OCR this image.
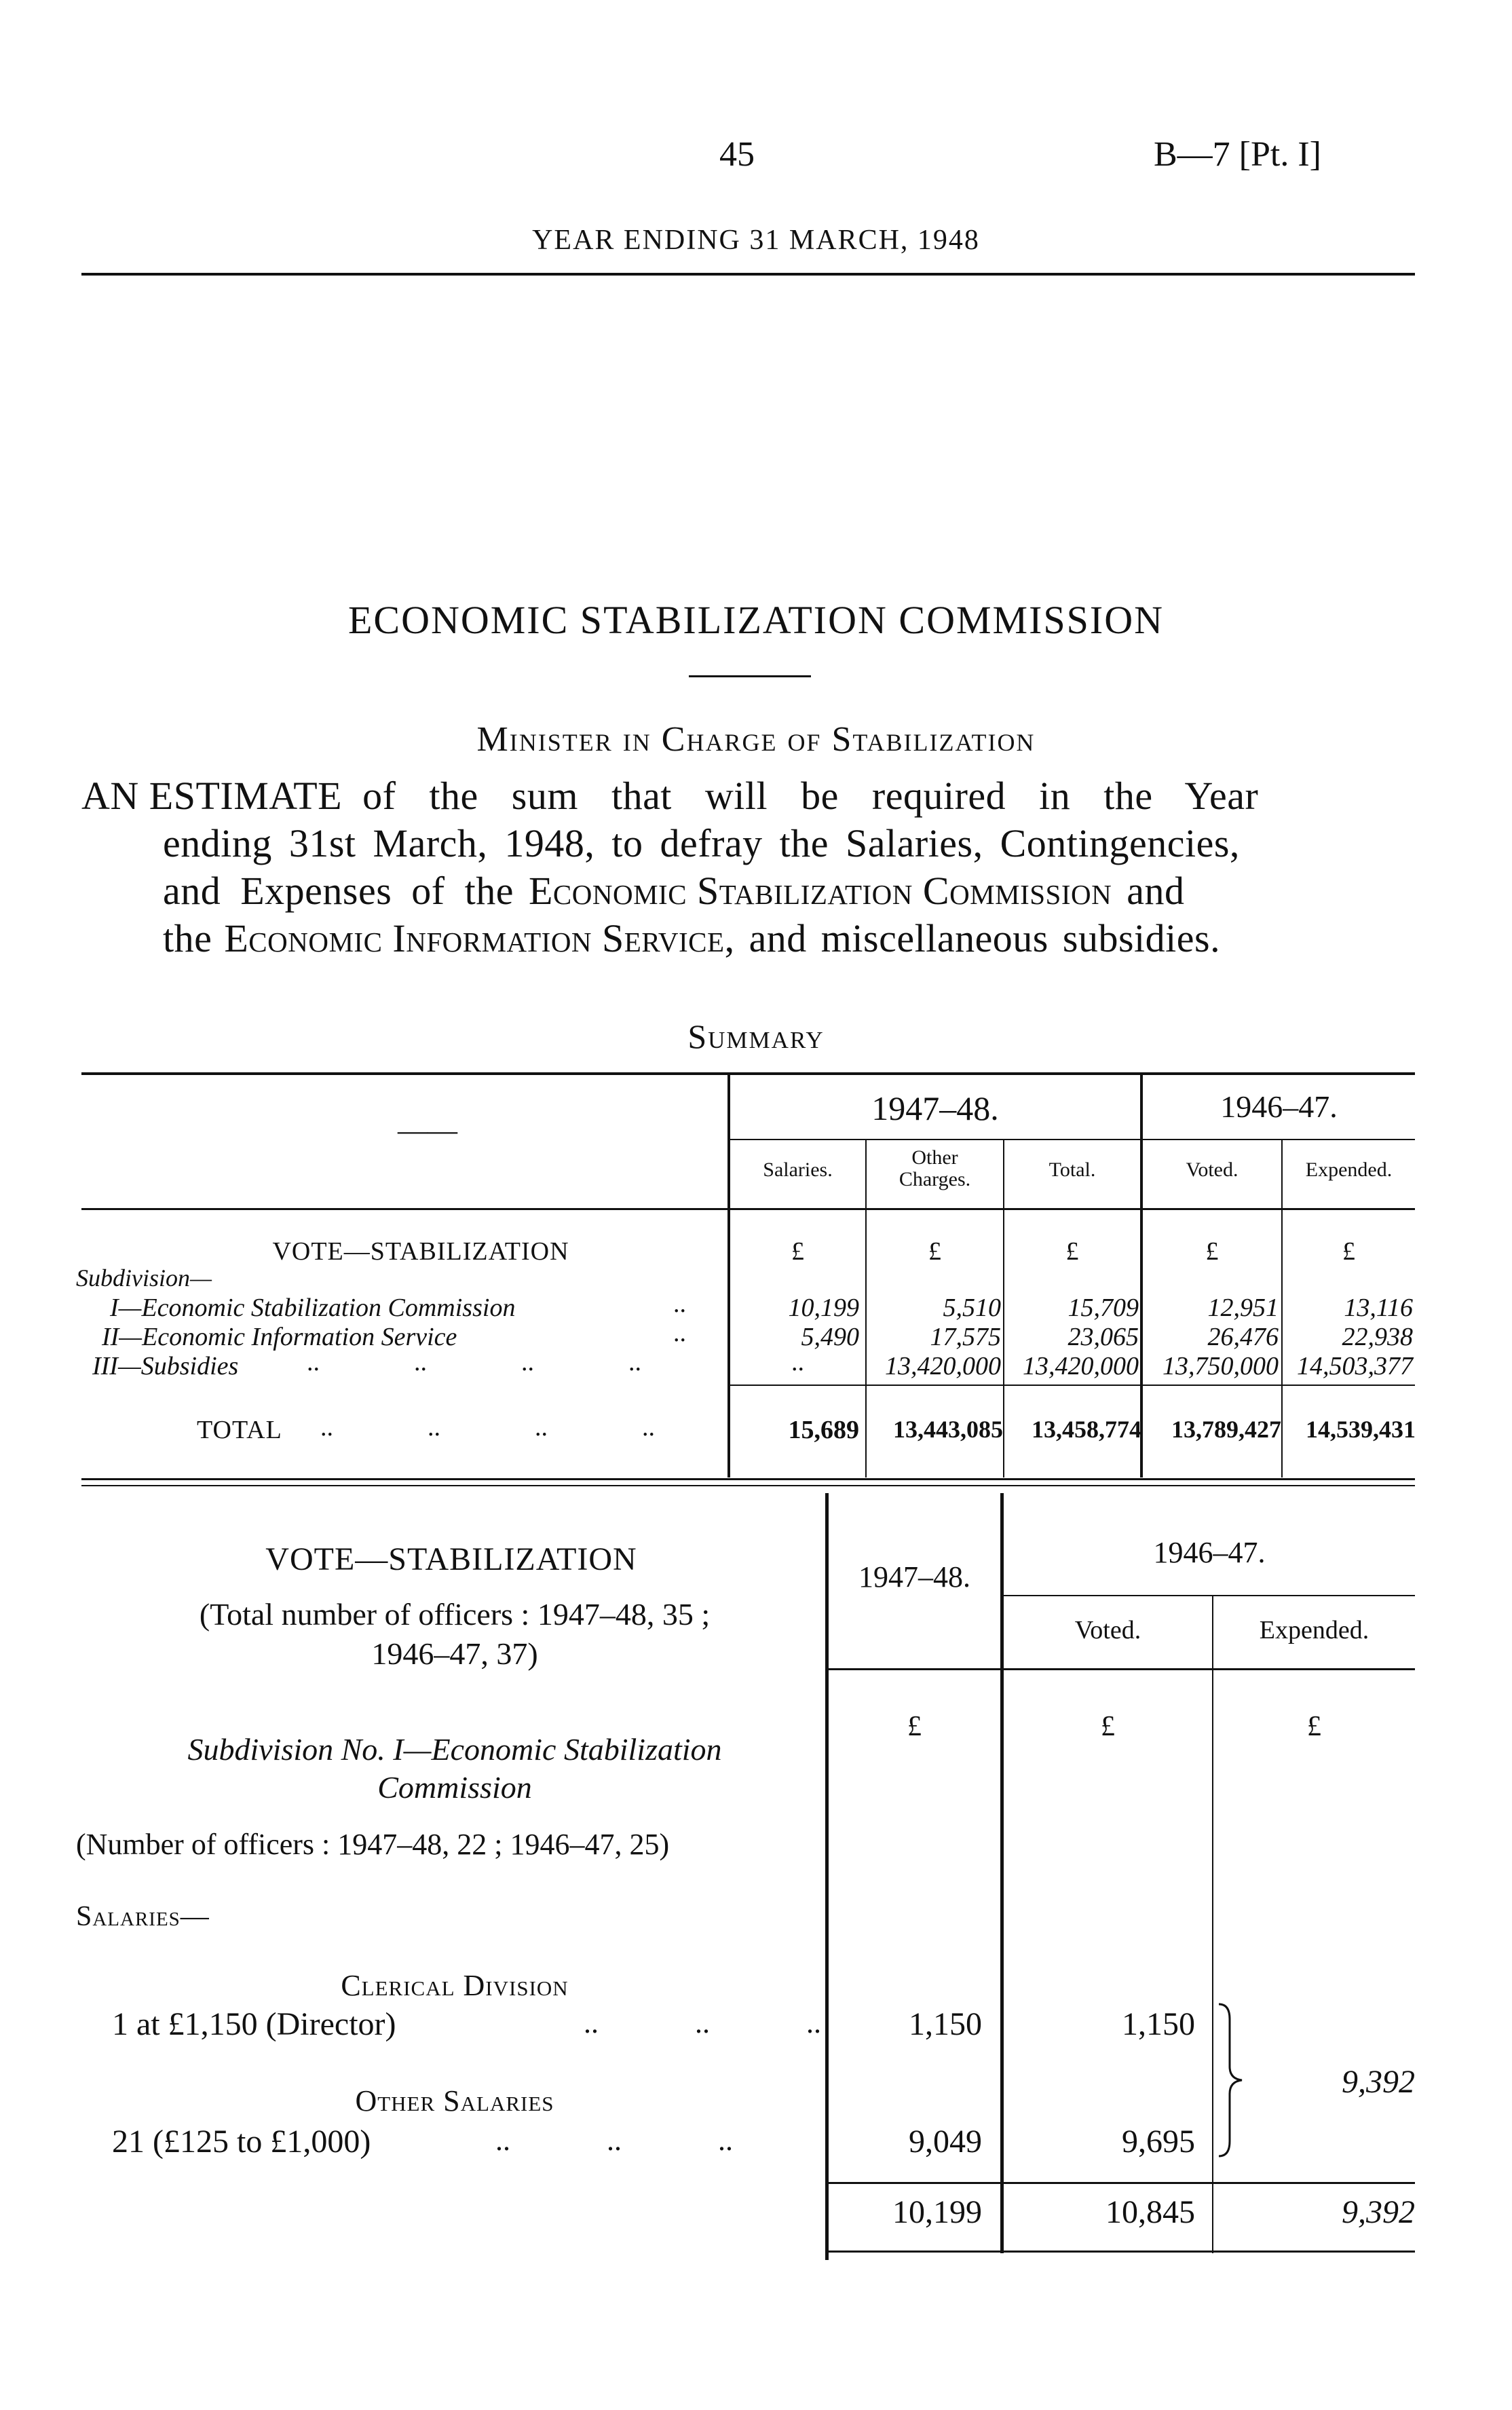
45	B—7 [Pt. I]
YEAR ENDING 31 MARCH, 1948
ECONOMIC STABILIZATION COMMISSION
Minister in Charge of Stabilization
AN ESTIMATE of the sum that will be required in the Year
ending 31st March, 1948, to defray the Salaries, Contingencies,
and Expenses of the Economic Stabilization Commission and
the Economic Information Service , and miscellaneous subsidies.
Summary
——
1947–48.	1946–47.
Salaries.
Other
Charges.	Total.	Voted.	Expended.
VOTE—STABILIZATION	£	£	£	£	£
Subdivision—
I—Economic Stabilization Commission	..	10,199	5,510	15,709	12,951	13,116
II—Economic Information Service	..	5,490	17,575	23,065	26,476	22,938
III—Subsidies	..  ..  ..  ..	..	13,420,000 13,420,000 13,750,000 14,503,377
TOTAL ..  ..  ..  ..	15,689	13,443,085	13,458,774	13,789,427	14,539,431
VOTE—STABILIZATION
(Total number of officers : 1947–48, 35 ;
1946–47, 37)
1947–48.
1946–47.
Voted.	Expended.
£	£	£
Subdivision No. I—Economic Stabilization
Commission
(Number of officers : 1947–48, 22 ; 1946–47, 25)
Salaries—
Clerical Division
1 at £1,150 (Director)	..  ..  ..	1,150	1,150
Other Salaries
21 (£125 to £1,000)	..  ..  ..	9,049	9,695
9,392
10,199	10,845	9,392
